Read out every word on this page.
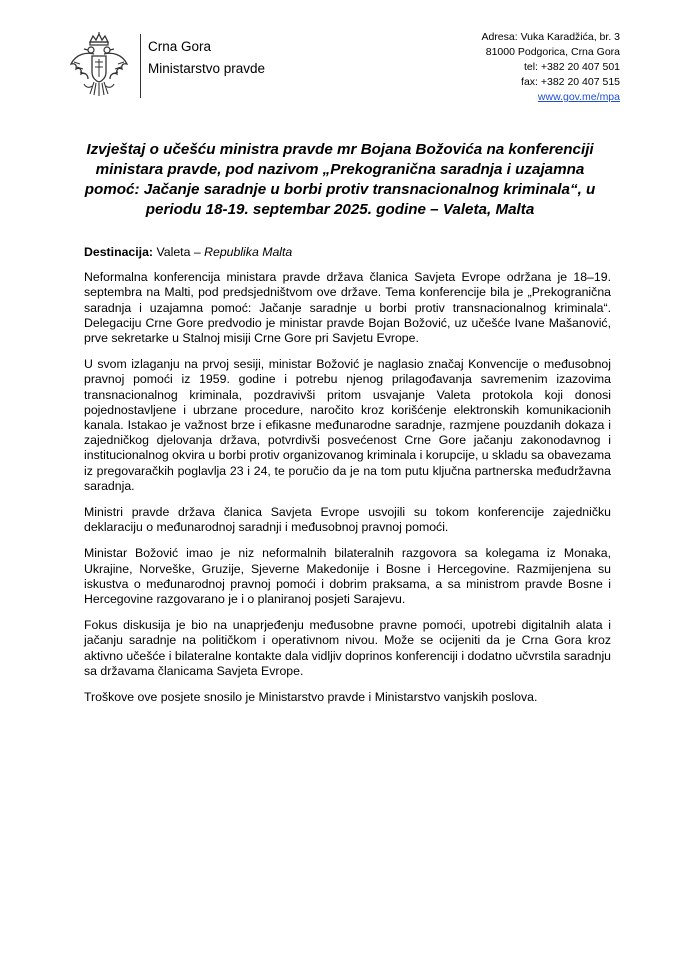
Crna Gora
Ministarstvo pravde
Adresa: Vuka Karadžića, br. 3
81000 Podgorica, Crna Gora
tel: +382 20 407 501
fax: +382 20 407 515
www.gov.me/mpa
Izvještaj o učešću ministra pravde mr Bojana Božovića na konferenciji ministara pravde, pod nazivom „Prekogranična saradnja i uzajamna pomoć: Jačanje saradnje u borbi protiv transnacionalnog kriminala“, u periodu 18-19. septembar 2025. godine – Valeta, Malta

Destinacija: Valeta – Republika Malta

Neformalna konferencija ministara pravde država članica Savjeta Evrope održana je 18–19. septembra na Malti, pod predsjedništvom ove države. Tema konferencije bila je „Prekogranična saradnja i uzajamna pomoć: Jačanje saradnje u borbi protiv transnacionalnog kriminala“. Delegaciju Crne Gore predvodio je ministar pravde Bojan Božović, uz učešće Ivane Mašanović, prve sekretarke u Stalnoj misiji Crne Gore pri Savjetu Evrope.

U svom izlaganju na prvoj sesiji, ministar Božović je naglasio značaj Konvencije o međusobnoj pravnoj pomoći iz 1959. godine i potrebu njenog prilagođavanja savremenim izazovima transnacionalnog kriminala, pozdravivši pritom usvajanje Valeta protokola koji donosi pojednostavljene i ubrzane procedure, naročito kroz korišćenje elektronskih komunikacionih kanala. Istakao je važnost brze i efikasne međunarodne saradnje, razmjene pouzdanih dokaza i zajedničkog djelovanja država, potvrdivši posvećenost Crne Gore jačanju zakonodavnog i institucionalnog okvira u borbi protiv organizovanog kriminala i korupcije, u skladu sa obavezama iz pregovaračkih poglavlja 23 i 24, te poručio da je na tom putu ključna partnerska međudržavna saradnja.

Ministri pravde država članica Savjeta Evrope usvojili su tokom konferencije zajedničku deklaraciju o međunarodnoj saradnji i međusobnoj pravnoj pomoći.

Ministar Božović imao je niz neformalnih bilateralnih razgovora sa kolegama iz Monaka, Ukrajine, Norveške, Gruzije, Sjeverne Makedonije i Bosne i Hercegovine. Razmijenjena su iskustva o međunarodnoj pravnoj pomoći i dobrim praksama, a sa ministrom pravde Bosne i Hercegovine razgovarano je i o planiranoj posjeti Sarajevu.

Fokus diskusija je bio na unaprjeđenju međusobne pravne pomoći, upotrebi digitalnih alata i jačanju saradnje na političkom i operativnom nivou. Može se ocijeniti da je Crna Gora kroz aktivno učešće i bilateralne kontakte dala vidljiv doprinos konferenciji i dodatno učvrstila saradnju sa državama članicama Savjeta Evrope.

Troškove ove posjete snosilo je Ministarstvo pravde i Ministarstvo vanjskih poslova.
